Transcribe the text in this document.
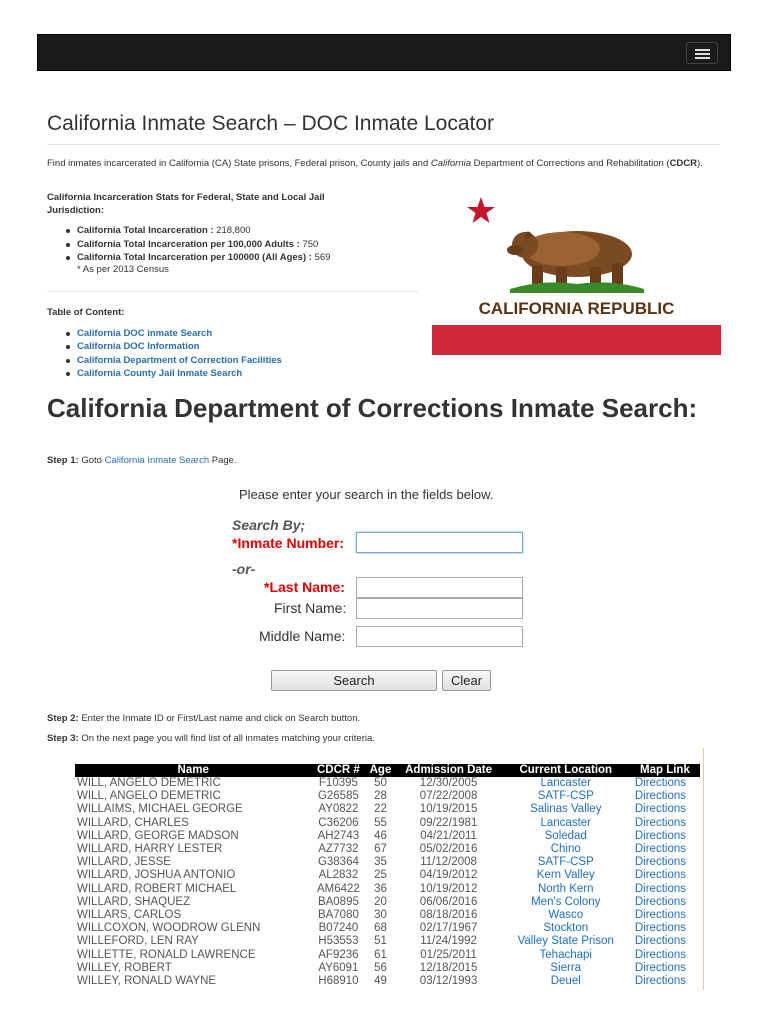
California Inmate Search – DOC Inmate Locator
Find inmates incarcerated in California (CA) State prisons, Federal prison, County jails and California Department of Corrections and Rehabilitation (CDCR).
California Incarceration Stats for Federal, State and Local Jail Jurisdiction:
California Total Incarceration : 218,800
California Total Incarceration per 100,000 Adults : 750
California Total Incarceration per 100000 (All Ages) : 569
* As per 2013 Census
Table of Content:
California DOC inmate Search
California DOC Information
California Department of Correction Facilities
California County Jail Inmate Search
CALIFORNIA REPUBLIC
California Department of Corrections Inmate Search:
Step 1: Goto California Inmate Search Page.
Please enter your search in the fields below.
Search By;
*Inmate Number:
-or-
*Last Name:
First Name:
Middle Name:
Search	Clear
Step 2: Enter the Inmate ID or First/Last name and click on Search button.
Step 3: On the next page you will find list of all inmates matching your criteria.
Name	CDCR #	Age	Admission Date	Current Location	Map Link
WILL, ANGELO DEMETRIC	F10395	50	12/30/2005	Lancaster	Directions
WILL, ANGELO DEMETRIC	G26585	28	07/22/2008	SATF-CSP	Directions
WILLAIMS, MICHAEL GEORGE	AY0822	22	10/19/2015	Salinas Valley	Directions
WILLARD, CHARLES	C36206	55	09/22/1981	Lancaster	Directions
WILLARD, GEORGE MADSON	AH2743	46	04/21/2011	Soledad	Directions
WILLARD, HARRY LESTER	AZ7732	67	05/02/2016	Chino	Directions
WILLARD, JESSE	G38364	35	11/12/2008	SATF-CSP	Directions
WILLARD, JOSHUA ANTONIO	AL2832	25	04/19/2012	Kern Valley	Directions
WILLARD, ROBERT MICHAEL	AM6422	36	10/19/2012	North Kern	Directions
WILLARD, SHAQUEZ	BA0895	20	06/06/2016	Men's Colony	Directions
WILLARS, CARLOS	BA7080	30	08/18/2016	Wasco	Directions
WILLCOXON, WOODROW GLENN	B07240	68	02/17/1967	Stockton	Directions
WILLEFORD, LEN RAY	H53553	51	11/24/1992	Valley State Prison	Directions
WILLETTE, RONALD LAWRENCE	AF9236	61	01/25/2011	Tehachapi	Directions
WILLEY, ROBERT	AY6091	56	12/18/2015	Sierra	Directions
WILLEY, RONALD WAYNE	H68910	49	03/12/1993	Deuel	Directions
